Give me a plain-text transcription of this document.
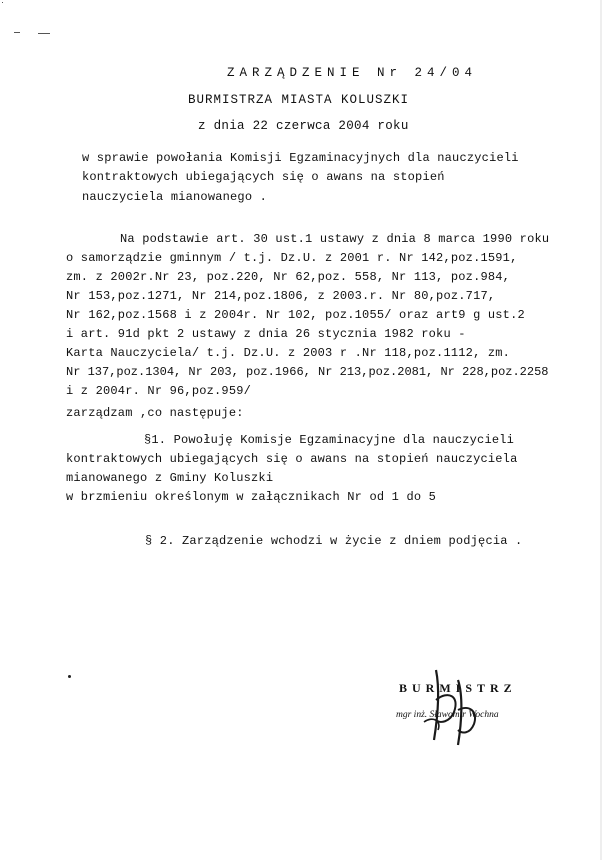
ZARZĄDZENIE Nr 24/04
BURMISTRZA MIASTA KOLUSZKI
z dnia 22 czerwca 2004 roku
w sprawie powołania Komisji Egzaminacyjnych dla nauczycieli
kontraktowych ubiegających się o awans na stopień
nauczyciela mianowanego .
Na podstawie art. 30 ust.1 ustawy z dnia 8 marca 1990 roku
o samorządzie gminnym / t.j. Dz.U. z 2001 r. Nr 142,poz.1591,
zm. z 2002r.Nr 23, poz.220, Nr 62,poz. 558, Nr 113, poz.984,
Nr 153,poz.1271, Nr 214,poz.1806, z 2003.r. Nr 80,poz.717,
Nr 162,poz.1568 i z 2004r. Nr 102, poz.1055/ oraz art9 g ust.2
i art. 91d pkt 2 ustawy z dnia 26 stycznia 1982 roku -
Karta Nauczyciela/ t.j. Dz.U. z 2003 r .Nr 118,poz.1112, zm.
Nr 137,poz.1304, Nr 203, poz.1966, Nr 213,poz.2081, Nr 228,poz.2258
i z 2004r. Nr 96,poz.959/
zarządzam ,co następuje:
§1. Powołuję Komisje Egzaminacyjne dla nauczycieli
kontraktowych ubiegających się o awans na stopień nauczyciela
mianowanego z Gminy Koluszki
w brzmieniu określonym w załącznikach Nr od 1 do 5
§ 2. Zarządzenie wchodzi w życie z dniem podjęcia .
BURMISTRZ
mgr inż. Sławomir Wochna
